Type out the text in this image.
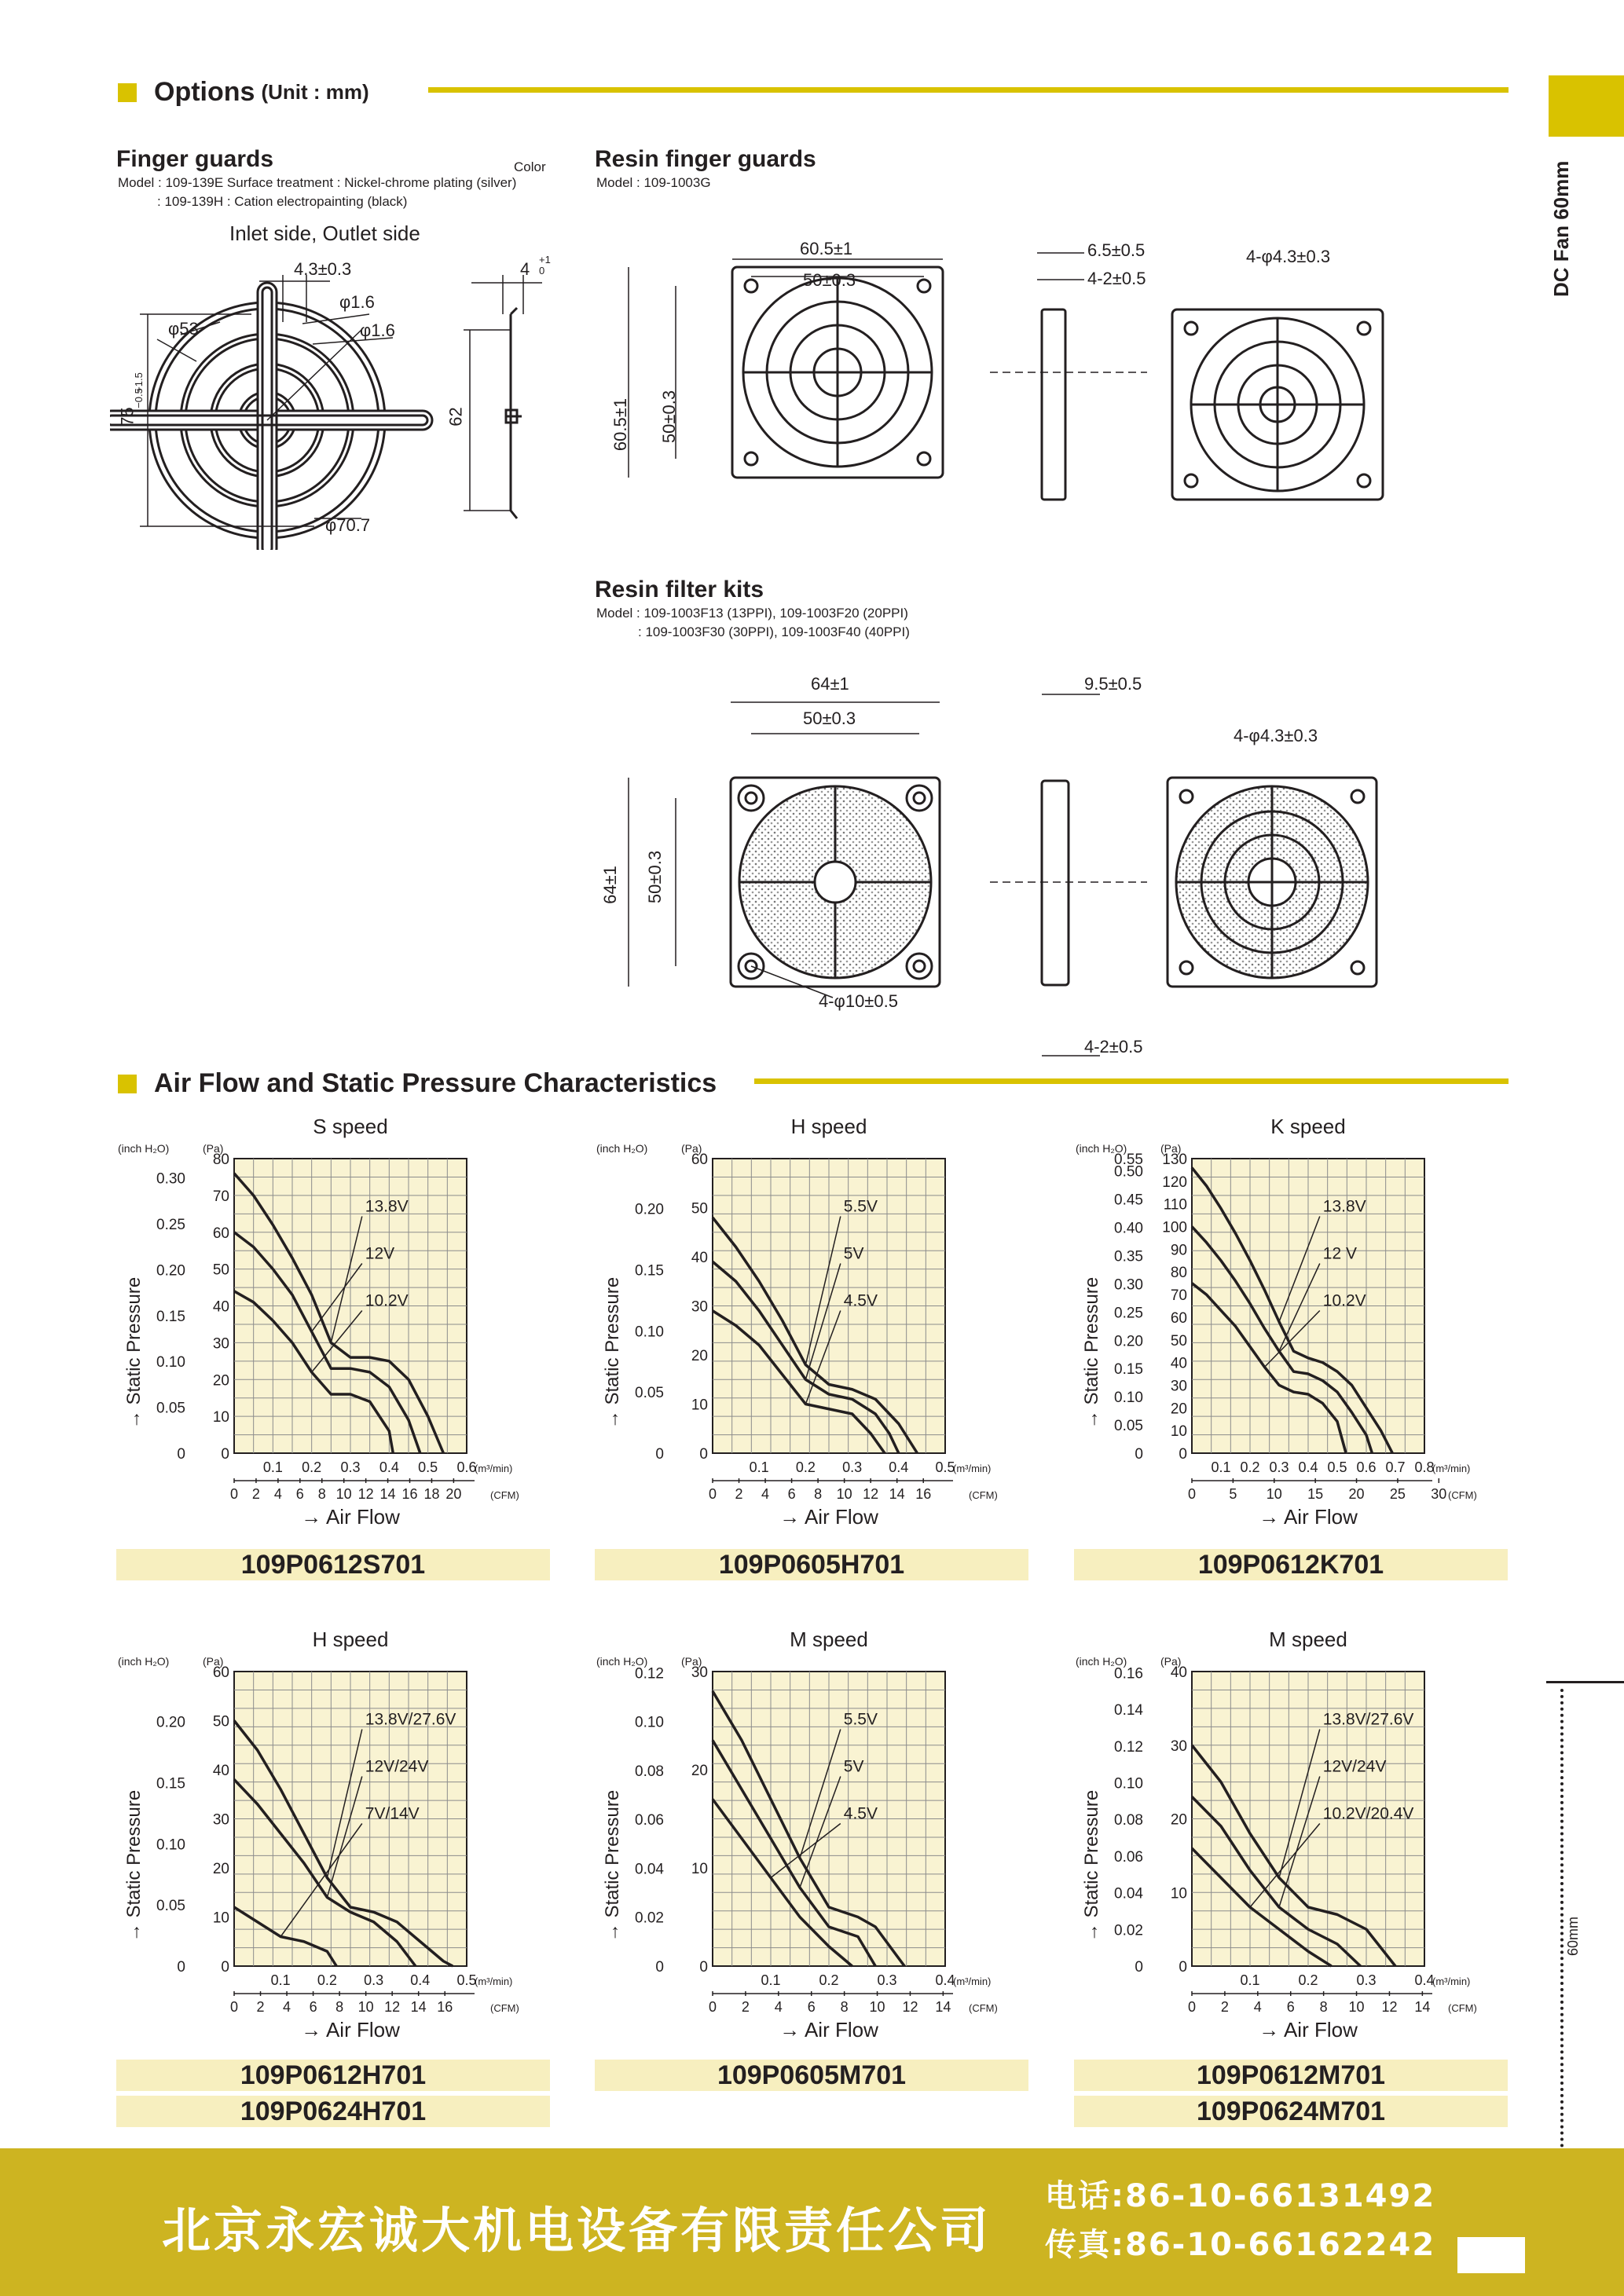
DC Fan 60mm
60mm
Options (Unit : mm)
Finger guards	Color
Model : 109-139E Surface treatment : Nickel-chrome plating (silver)
: 109-139H : Cation electropainting (black)
Inlet side, Outlet side
4.3±0.3
φ1.6
φ1.6
φ53
φ70.7
75
+1.5
−0.5
62
4 +1
0
Resin finger guards
Model : 109-1003G
60.5±1
50±0.3
60.5±1 50±0.3
6.5±0.5
4-2±0.5
4-φ4.3±0.3
Resin filter kits
Model : 109-1003F13 (13PPI), 109-1003F20 (20PPI)
: 109-1003F30 (30PPI), 109-1003F40 (40PPI)
64±1
50±0.3
64±1 50±0.3
9.5±0.5
4-2±0.5
4-φ4.3±0.3
4-φ10±0.5
Air Flow and Static Pressure Characteristics
S speed
(inch H₂O)	(Pa)
80
70
60
50
40
30
20
10
0
0.30
0.25
0.20
0.15
0.10
0.05
0
→ Static Pressure
0.1 0.2 0.3 0.4 0.5 0.6
(m³/min)
0 2 4 6 8 10 12 14 16 18 20	(CFM)
→ Air Flow
13.8V
12V
10.2V
H speed
(inch H₂O)	(Pa)
60
50
40
30
20
10
0
0.20
0.15
0.10
0.05
0
→ Static Pressure
0.1 0.2 0.3 0.4 0.5
(m³/min)
0 2 4 6 8 10 12 14 16	(CFM)
→ Air Flow
5.5V
5V
4.5V
K speed
(inch H₂O)	(Pa)
130
120
110
100
90
80
70
60
50
40
30
20
10
0
0.55
0.50
0.45
0.40
0.35
0.30
0.25
0.20
0.15
0.10
0.05
0
→ Static Pressure
0.1 0.2 0.3 0.4 0.5 0.6 0.7 0.8
(m³/min)
0 5 10 15 20 25 30 (CFM)
→ Air Flow
13.8V
12 V
10.2V
H speed
(inch H₂O)	(Pa)
60
50
40
30
20
10
0
0.20
0.15
0.10
0.05
0
→ Static Pressure
0.1 0.2 0.3 0.4 0.5
(m³/min)
0 2 4 6 8 10 12 14 16	(CFM)
→ Air Flow
13.8V/27.6V
12V/24V
7V/14V
M speed
(inch H₂O)	(Pa)
30
20
10
0
0.12
0.10
0.08
0.06
0.04
0.02
0
→ Static Pressure
0.1	0.2	0.3	0.4
(m³/min)
0 2 4 6 8 10 12 14 (CFM)
→ Air Flow
5.5V
5V
4.5V
M speed
(inch H₂O)	(Pa)
40
30
20
10
0
0.16
0.14
0.12
0.10
0.08
0.06
0.04
0.02
0
→ Static Pressure
0.1	0.2	0.3	0.4
(m³/min)
0 2 4 6 8 10 12 14 (CFM)
→ Air Flow
13.8V/27.6V
12V/24V
10.2V/20.4V
109P0612S701	109P0605H701	109P0612K701
109P0612H701
109P0624H701
109P0605M701	109P0612M701
109P0624M701
北京永宏诚大机电设备有限责任公司
电话:86-10-66131492
传真:86-10-66162242
